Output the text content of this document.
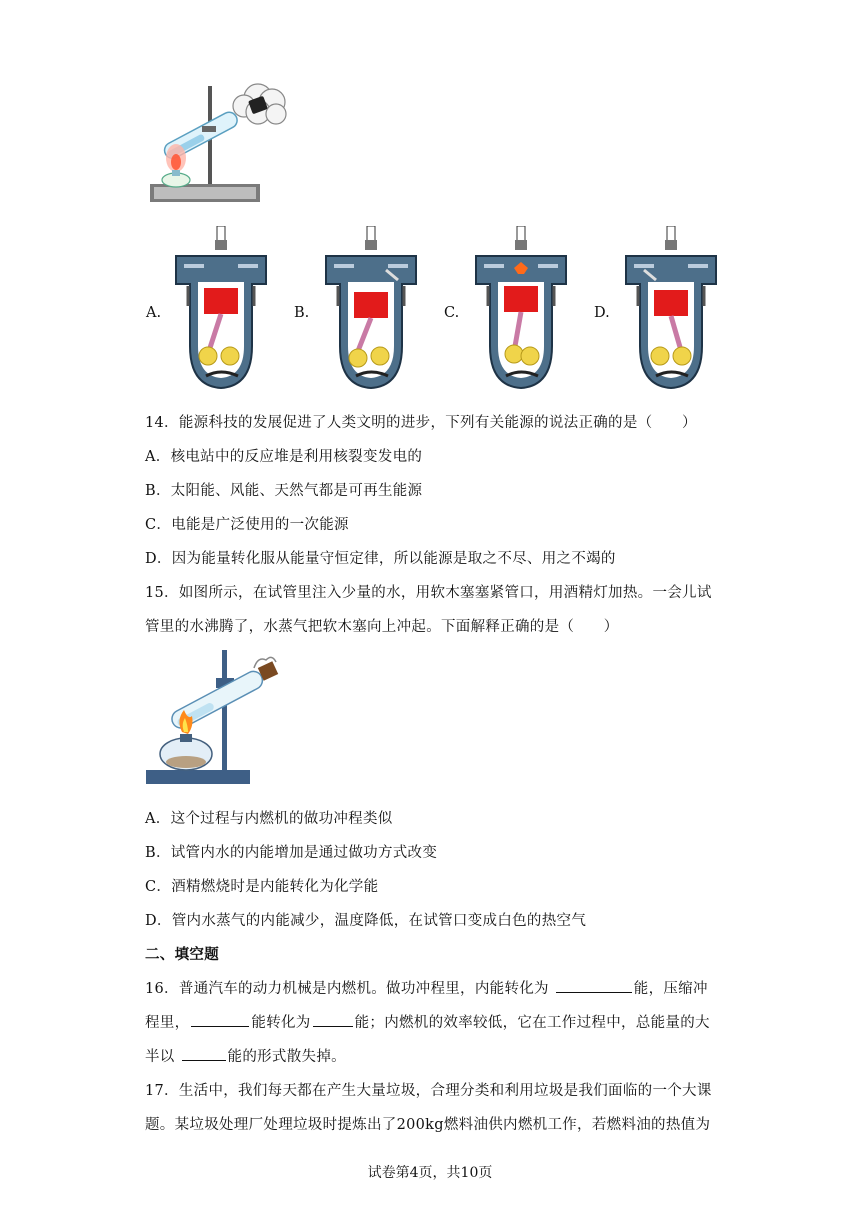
A.	B.	C.	D.
14．能源科技的发展促进了人类文明的进步，下列有关能源的说法正确的是（　　）
A．核电站中的反应堆是利用核裂变发电的
B．太阳能、风能、天然气都是可再生能源
C．电能是广泛使用的一次能源
D．因为能量转化服从能量守恒定律，所以能源是取之不尽、用之不竭的
15．如图所示，在试管里注入少量的水，用软木塞塞紧管口，用酒精灯加热。一会儿试
管里的水沸腾了，水蒸气把软木塞向上冲起。下面解释正确的是（　　）
A．这个过程与内燃机的做功冲程类似
B．试管内水的内能增加是通过做功方式改变
C．酒精燃烧时是内能转化为化学能
D．管内水蒸气的内能减少，温度降低，在试管口变成白色的热空气
二、填空题
16．普通汽车的动力机械是内燃机。做功冲程里，内能转化为	能，压缩冲
程里，	能转化为	能；内燃机的效率较低，它在工作过程中，总能量的大
半以	能的形式散失掉。
17．生活中，我们每天都在产生大量垃圾，合理分类和利用垃圾是我们面临的一个大课
题。某垃圾处理厂处理垃圾时提炼出了200kg燃料油供内燃机工作，若燃料油的热值为
试卷第4页，共10页
